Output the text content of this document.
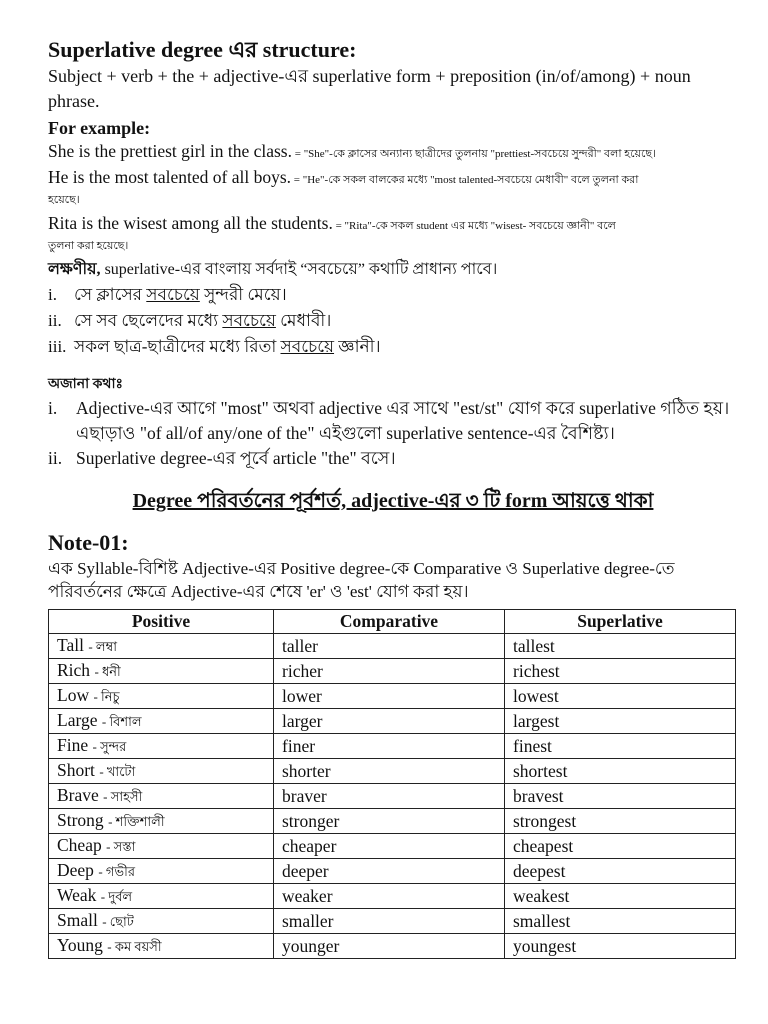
Superlative degree এর structure:

Subject + verb + the + adjective-এর superlative form + preposition (in/of/among) + noun phrase.

For example:

She is the prettiest girl in the class. = "She"-কে ক্লাসের অন্যান্য ছাত্রীদের তুলনায় "prettiest-সবচেয়ে সুন্দরী" বলা হয়েছে।

He is the most talented of all boys. = "He"-কে সকল বালকের মধ্যে "most talented-সবচেয়ে মেধাবী" বলে তুলনা করা

হয়েছে।

Rita is the wisest among all the students. = "Rita"-কে সকল student এর মধ্যে "wisest- সবচেয়ে জ্ঞানী" বলে

তুলনা করা হয়েছে।

লক্ষণীয়, superlative-এর বাংলায় সর্বদাই “সবচেয়ে” কথাটি প্রাধান্য পাবে।
i.	সে ক্লাসের সবচেয়ে সুন্দরী মেয়ে।
ii. সে সব ছেলেদের মধ্যে সবচেয়ে মেধাবী।
iii. সকল ছাত্র-ছাত্রীদের মধ্যে রিতা সবচেয়ে জ্ঞানী।
অজানা কথাঃ
i.	Adjective-এর আগে "most" অথবা adjective এর সাথে "est/st" যোগ করে superlative গঠিত হয়। এছাড়াও "of all/of any/one of the" এইগুলো superlative sentence-এর বৈশিষ্ট্য।
ii. Superlative degree-এর পূর্বে article "the" বসে।
Degree পরিবর্তনের পূর্বশর্ত, adjective-এর ৩ টি form আয়ত্তে থাকা
Note-01:

এক Syllable-বিশিষ্ট Adjective-এর Positive degree-কে Comparative ও Superlative degree-তে পরিবর্তনের ক্ষেত্রে Adjective-এর শেষে 'er' ও 'est' যোগ করা হয়।

Positive	Comparative	Superlative
Tall - লম্বা	taller	tallest
Rich - ধনী	richer	richest
Low - নিচু	lower	lowest
Large - বিশাল	larger	largest
Fine - সুন্দর	finer	finest
Short - খাটো	shorter	shortest
Brave - সাহসী	braver	bravest
Strong - শক্তিশালী	stronger	strongest
Cheap - সস্তা	cheaper	cheapest
Deep - গভীর	deeper	deepest
Weak - দুর্বল	weaker	weakest
Small - ছোট	smaller	smallest
Young - কম বয়সী	younger	youngest
